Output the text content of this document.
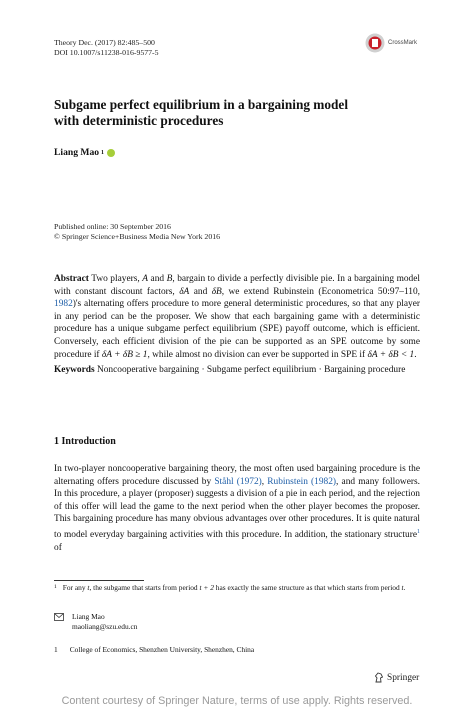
Theory Dec. (2017) 82:485–500
DOI 10.1007/s11238-016-9577-5
CrossMark
Subgame perfect equilibrium in a bargaining model
with deterministic procedures
Liang Mao 1
Published online: 30 September 2016
© Springer Science+Business Media New York 2016
Abstract Two players, A and B, bargain to divide a perfectly divisible pie. In a bargaining model with constant discount factors, δA and δB, we extend Rubinstein (Econometrica 50:97–110, 1982)'s alternating offers procedure to more general deterministic procedures, so that any player in any period can be the proposer. We show that each bargaining game with a deterministic procedure has a unique subgame perfect equilibrium (SPE) payoff outcome, which is efficient. Conversely, each efficient division of the pie can be supported as an SPE outcome by some procedure if δA + δB ≥ 1, while almost no division can ever be supported in SPE if δA + δB < 1.
Keywords Noncooperative bargaining · Subgame perfect equilibrium · Bargaining procedure
1 Introduction
In two-player noncooperative bargaining theory, the most often used bargaining procedure is the alternating offers procedure discussed by Ståhl (1972), Rubinstein (1982), and many followers. In this procedure, a player (proposer) suggests a division of a pie in each period, and the rejection of this offer will lead the game to the next period when the other player becomes the proposer. This bargaining procedure has many obvious advantages over other procedures. It is quite natural to model everyday bargaining activities with this procedure. In addition, the stationary structure$^1$ of
1 For any t, the subgame that starts from period t + 2 has exactly the same structure as that which starts from period t.
Liang Mao
maoliang@szu.edu.cn
1 College of Economics, Shenzhen University, Shenzhen, China
Springer
Content courtesy of Springer Nature, terms of use apply. Rights reserved.
